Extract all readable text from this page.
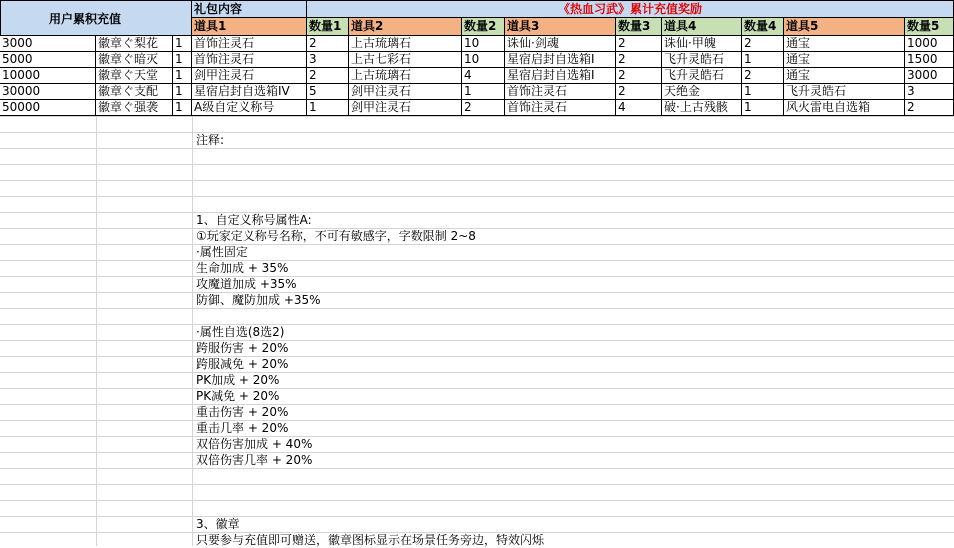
用户累积充值
礼包内容	《热血习武》累计充值奖励
道具1	数量1 道具2	数量2 道具3	数量3	道具4	数量4 道具5	数量5
3000	徽章ぐ梨花	1 首饰注灵石	2	上古琉璃石	10	诛仙·剑魂	2	诛仙·甲魄	2	通宝	1000
5000	徽章ぐ暗灭	1 首饰注灵石	3	上古七彩石	10	星宿启封自选箱I	2	飞升灵皓石	1	通宝	1500
10000	徽章ぐ天堂	1 剑甲注灵石	2	上古琉璃石	4	星宿启封自选箱I	2	飞升灵皓石	2	通宝	3000
30000	徽章ぐ支配	1 星宿启封自选箱IV	5	剑甲注灵石	1	首饰注灵石	2	天绝金	1	飞升灵皓石	3
50000	徽章ぐ强袭	1 A级自定义称号	1	剑甲注灵石	2	首饰注灵石	4	破·上古残骸	1	风火雷电自选箱	2
注释:
1、自定义称号属性A:
①玩家定义称号名称，不可有敏感字，字数限制 2~8
·属性固定
生命加成 + 35%
攻魔道加成 +35%
防御、魔防加成 +35%
·属性自选(8选2)
跨服伤害 + 20%
跨服减免 + 20%
PK加成 + 20%
PK减免 + 20%
重击伤害 + 20%
重击几率 + 20%
双倍伤害加成 + 40%
双倍伤害几率 + 20%
3、徽章
只要参与充值即可赠送，徽章图标显示在场景任务旁边，特效闪烁
